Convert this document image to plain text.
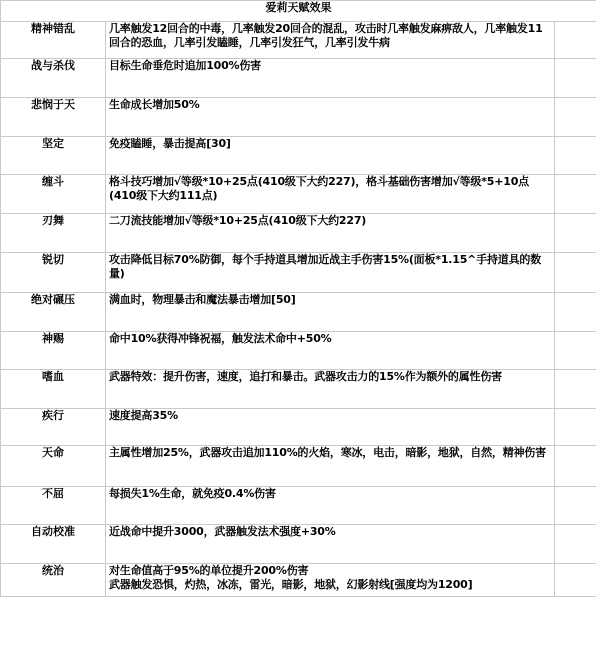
爱莉天赋效果		
精神错乱	几率触发12回合的中毒，几率触发20回合的混乱，攻击时几率触发麻痹敌人，几率触发11回合的恐血，几率引发瞌睡，几率引发狂气，几率引发牛病	
战与杀伐	目标生命垂危时追加100%伤害	
悲悯于天	生命成长增加50%	
坚定	免疫瞌睡，暴击提高[30]	
缠斗	格斗技巧增加√等级*10+25点(410级下大约227)，格斗基础伤害增加√等级*5+10点(410级下大约111点)	
刃舞	二刀流技能增加√等级*10+25点(410级下大约227)	
锐切	攻击降低目标70%防御，每个手持道具增加近战主手伤害15%(面板*1.15^手持道具的数量)	
绝对碾压	满血时，物理暴击和魔法暴击增加[50]	
神赐	命中10%获得冲锋祝福，触发法术命中+50%	
嗜血	武器特效：提升伤害，速度，追打和暴击。武器攻击力的15%作为额外的属性伤害	
疾行	速度提高35%	
天命	主属性增加25%，武器攻击追加110%的火焰，寒冰，电击，暗影，地狱，自然，精神伤害	
不屈	每损失1%生命，就免疫0.4%伤害	
自动校准	近战命中提升3000，武器触发法术强度+30%	
统治	对生命值高于95%的单位提升200%伤害
武器触发恐惧，灼热，冰冻，雷光，暗影，地狱，幻影射线[强度均为1200]	
